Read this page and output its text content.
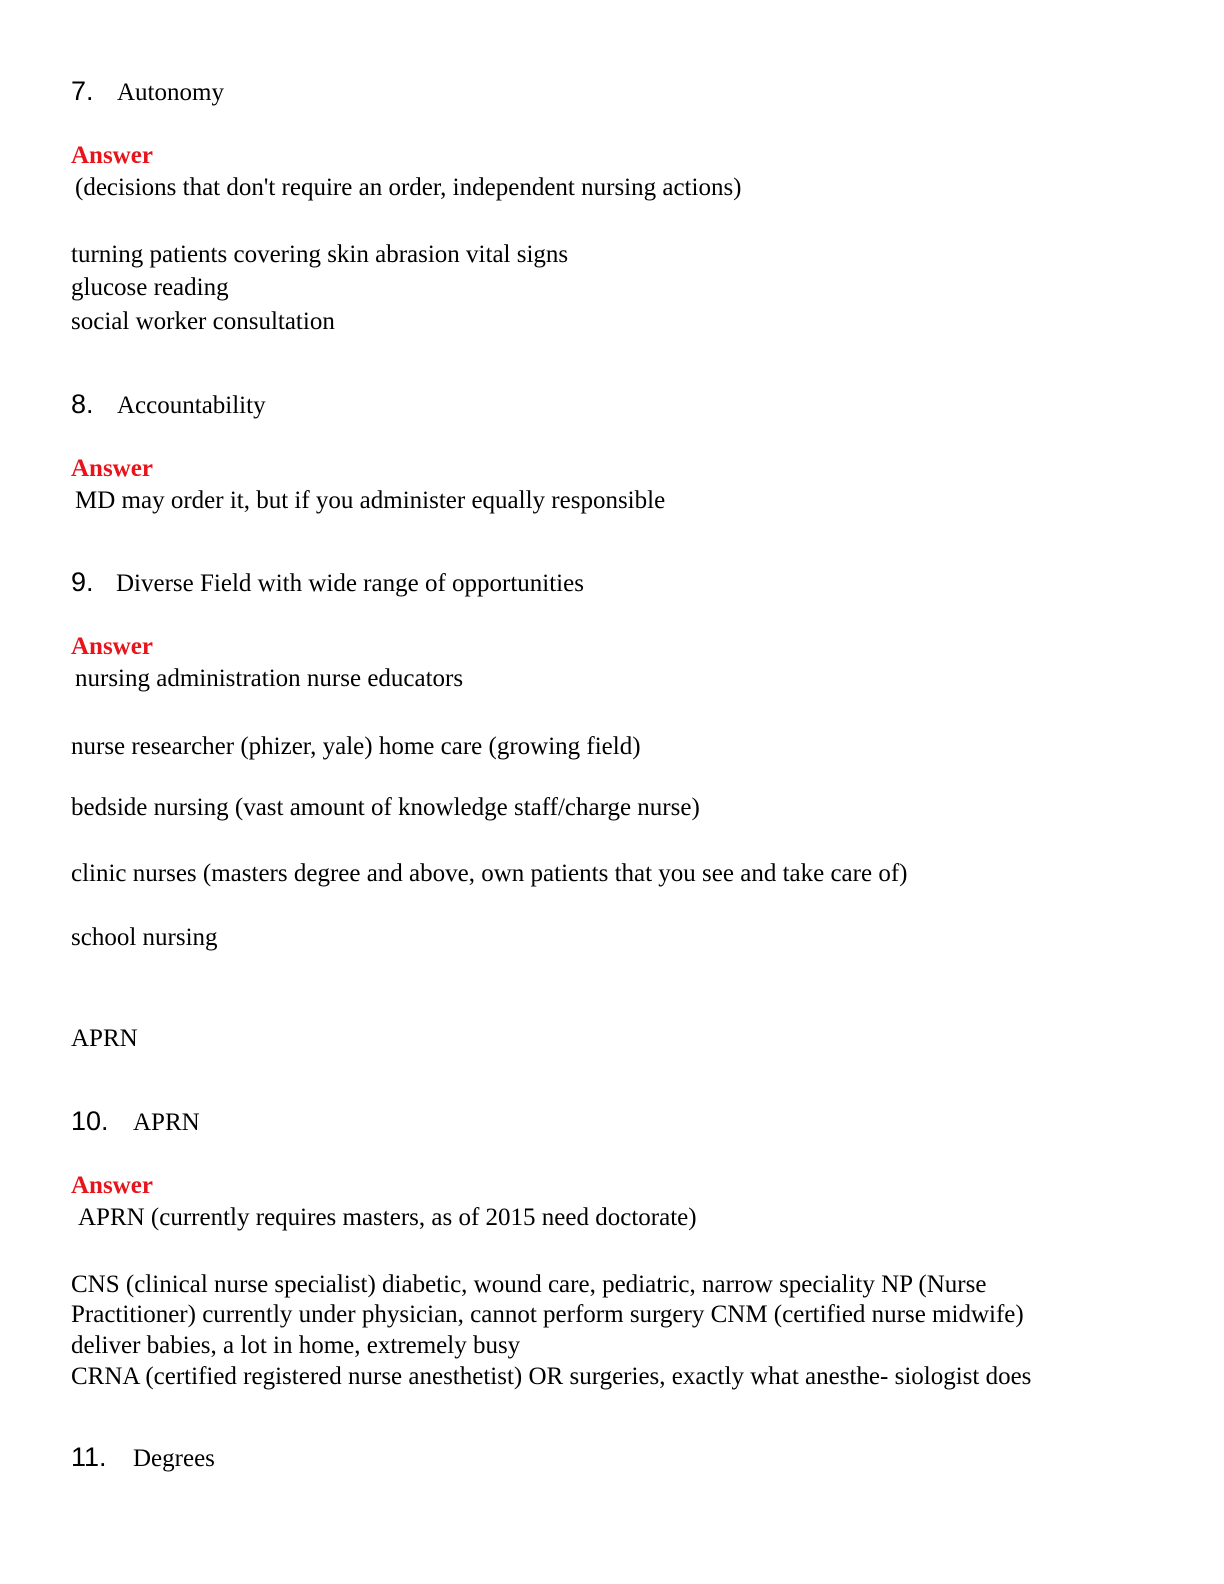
7. Autonomy
Answer
(decisions that don't require an order, independent nursing actions)
turning patients covering skin abrasion vital signs
glucose reading
social worker consultation
8. Accountability
Answer
MD may order it, but if you administer equally responsible
9. Diverse Field with wide range of opportunities
Answer
nursing administration nurse educators
nurse researcher (phizer, yale) home care (growing field)
bedside nursing (vast amount of knowledge staff/charge nurse)
clinic nurses (masters degree and above, own patients that you see and take care of)
school nursing
APRN
10. APRN
Answer
APRN (currently requires masters, as of 2015 need doctorate)
CNS (clinical nurse specialist) diabetic, wound care, pediatric, narrow speciality NP (Nurse
Practitioner) currently under physician, cannot perform surgery CNM (certified nurse midwife)
deliver babies, a lot in home, extremely busy
CRNA (certified registered nurse anesthetist) OR surgeries, exactly what anesthe- siologist does
11. Degrees
